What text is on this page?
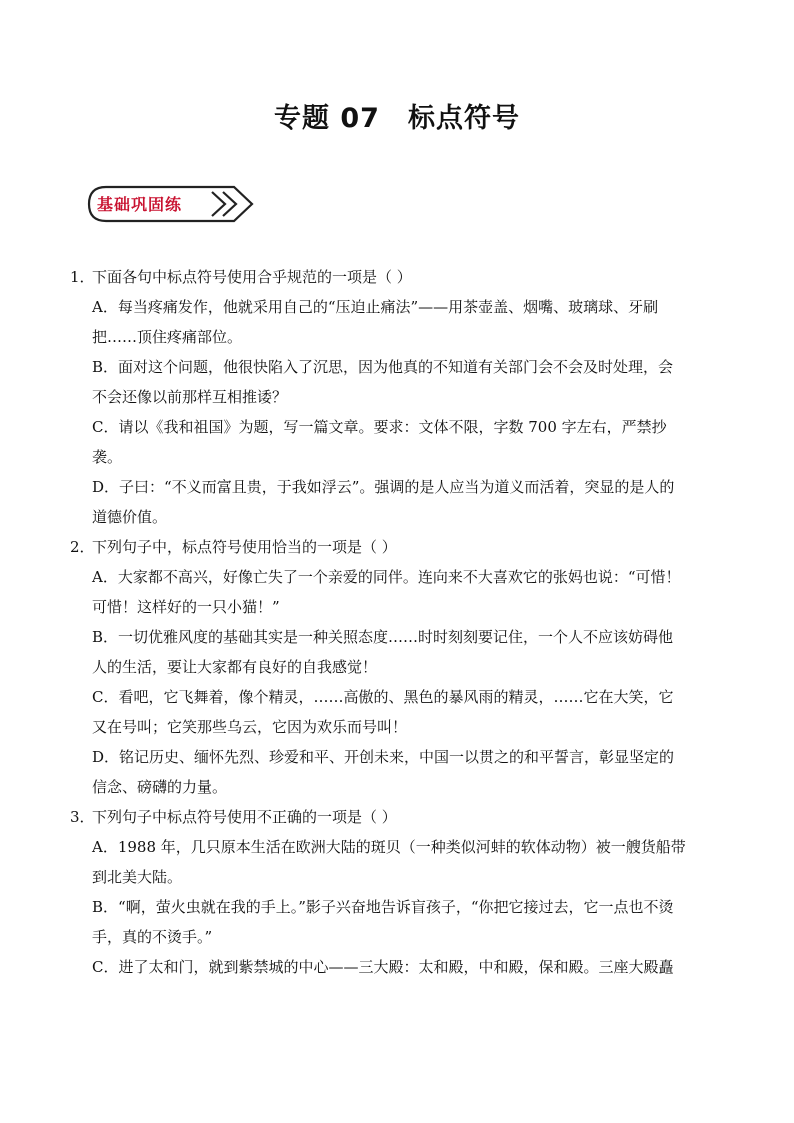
专题 07　标点符号
基础巩固练
1．
下面各句中标点符号使用合乎规范的一项是（ ）

A．每当疼痛发作，他就采用自己的“压迫止痛法”——用茶壶盖、烟嘴、玻璃球、牙刷

把……顶住疼痛部位。

B．面对这个问题，他很快陷入了沉思，因为他真的不知道有关部门会不会及时处理，会

不会还像以前那样互相推诿？

C．请以《我和祖国》为题，写一篇文章。要求：文体不限，字数 700 字左右，严禁抄

袭。

D．子曰：“不义而富且贵，于我如浮云”。强调的是人应当为道义而活着，突显的是人的

道德价值。

2．
下列句子中，标点符号使用恰当的一项是（ ）

A．大家都不高兴，好像亡失了一个亲爱的同伴。连向来不大喜欢它的张妈也说：“可惜！

可惜！这样好的一只小猫！”

B．一切优雅风度的基础其实是一种关照态度……时时刻刻要记住，一个人不应该妨碍他

人的生活，要让大家都有良好的自我感觉！

C．看吧，它飞舞着，像个精灵，……高傲的、黑色的暴风雨的精灵，……它在大笑，它

又在号叫；它笑那些乌云，它因为欢乐而号叫！

D．铭记历史、缅怀先烈、珍爱和平、开创未来，中国一以贯之的和平誓言，彰显坚定的

信念、磅礴的力量。

3．
下列句子中标点符号使用不正确的一项是（ ）

A．1988 年，几只原本生活在欧洲大陆的斑贝（一种类似河蚌的软体动物）被一艘货船带

到北美大陆。

B．“啊，萤火虫就在我的手上。”影子兴奋地告诉盲孩子，“你把它接过去，它一点也不烫

手，真的不烫手。”

C．进了太和门，就到紫禁城的中心——三大殿：太和殿，中和殿，保和殿。三座大殿矗
